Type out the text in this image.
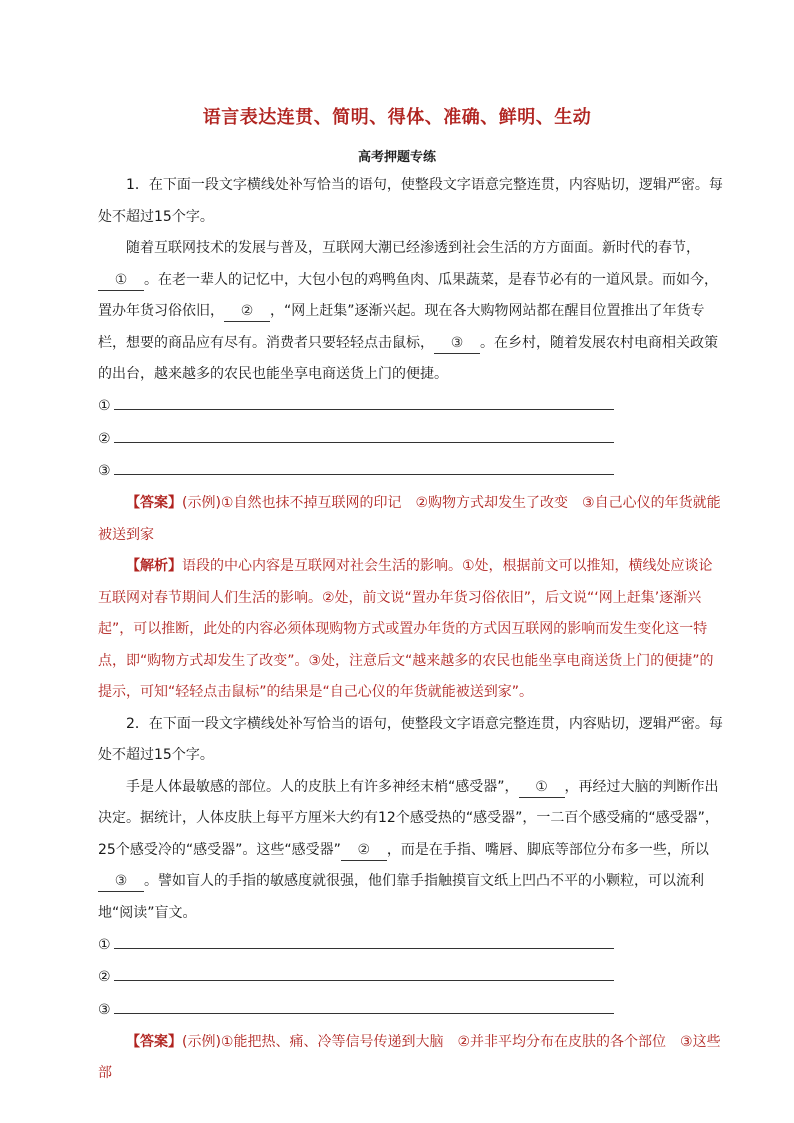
语言表达连贯、简明、得体、准确、鲜明、生动
高考押题专练

1．在下面一段文字横线处补写恰当的语句，使整段文字语意完整连贯，内容贴切，逻辑严密。每处不超过15个字。

随着互联网技术的发展与普及，互联网大潮已经渗透到社会生活的方方面面。新时代的春节，① 。在老一辈人的记忆中，大包小包的鸡鸭鱼肉、瓜果蔬菜，是春节必有的一道风景。而如今，置办年货习俗依旧， ② ，“网上赶集”逐渐兴起。现在各大购物网站都在醒目位置推出了年货专栏，想要的商品应有尽有。消费者只要轻轻点击鼠标， ③ 。在乡村，随着发展农村电商相关政策的出台，越来越多的农民也能坐享电商送货上门的便捷。

①
②
③

【答案】(示例)①自然也抹不掉互联网的印记　②购物方式却发生了改变　③自己心仪的年货就能被送到家

【解析】语段的中心内容是互联网对社会生活的影响。①处，根据前文可以推知，横线处应谈论互联网对春节期间人们生活的影响。②处，前文说“置办年货习俗依旧”，后文说“‘网上赶集’逐渐兴起”，可以推断，此处的内容必须体现购物方式或置办年货的方式因互联网的影响而发生变化这一特点，即“购物方式却发生了改变”。③处，注意后文“越来越多的农民也能坐享电商送货上门的便捷”的提示，可知“轻轻点击鼠标”的结果是“自己心仪的年货就能被送到家”。

2．在下面一段文字横线处补写恰当的语句，使整段文字语意完整连贯，内容贴切，逻辑严密。每处不超过15个字。

手是人体最敏感的部位。人的皮肤上有许多神经末梢“感受器”， ① ，再经过大脑的判断作出决定。据统计，人体皮肤上每平方厘米大约有12个感受热的“感受器”，一二百个感受痛的“感受器”，25个感受冷的“感受器”。这些“感受器” ② ，而是在手指、嘴唇、脚底等部位分布多一些，所以③ 。譬如盲人的手指的敏感度就很强，他们靠手指触摸盲文纸上凹凸不平的小颗粒，可以流利地“阅读”盲文。

①
②
③

【答案】(示例)①能把热、痛、冷等信号传递到大脑　②并非平均分布在皮肤的各个部位　③这些部
